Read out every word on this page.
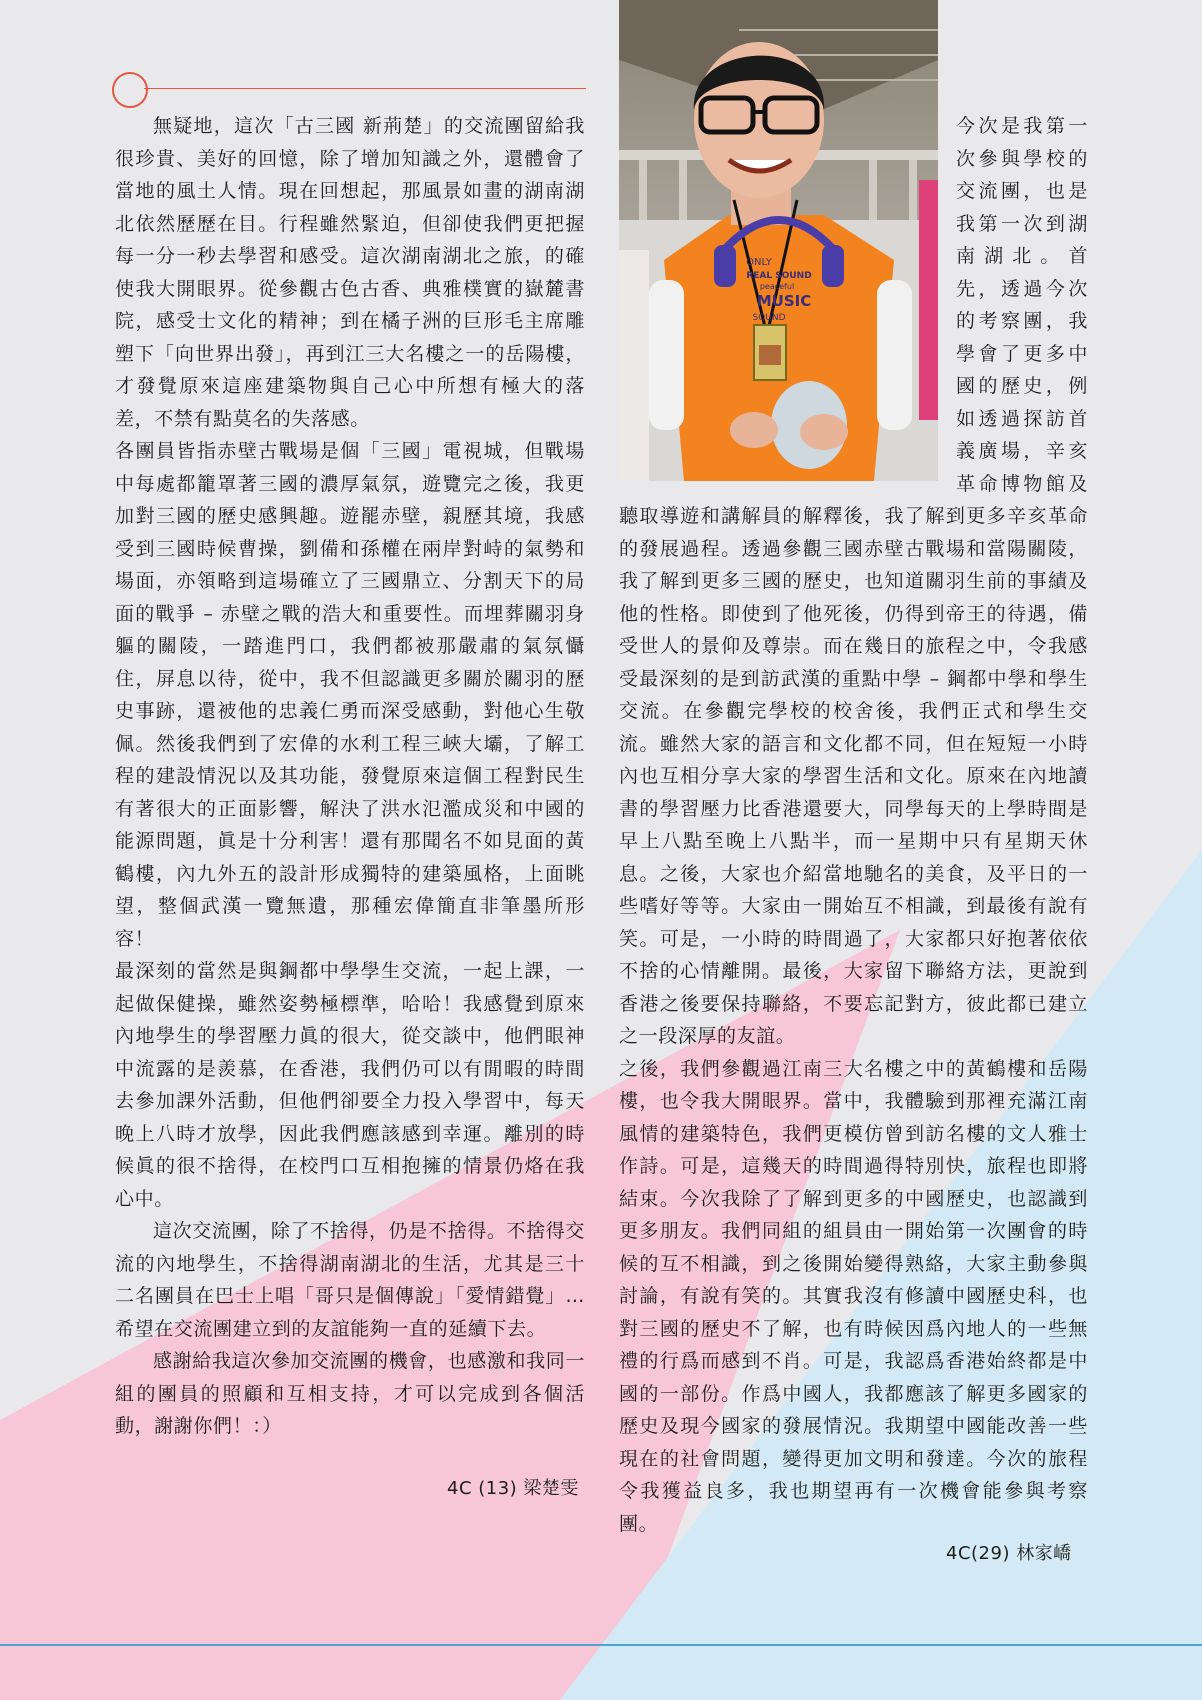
ONLY
REAL SOUND
peaceful
MUSIC
SOUND

無疑地，這次「古三國 新荊楚」的交流團留給我很珍貴、美好的回憶，除了增加知識之外，還體會了當地的風土人情。現在回想起，那風景如畫的湖南湖北依然歷歷在目。行程雖然緊迫，但卻使我們更把握每一分一秒去學習和感受。這次湖南湖北之旅，的確使我大開眼界。從參觀古色古香、典雅樸實的嶽麓書院，感受士文化的精神；到在橘子洲的巨形毛主席雕塑下「向世界出發」，再到江三大名樓之一的岳陽樓，才發覺原來這座建築物與自己心中所想有極大的落差，不禁有點莫名的失落感。

各團員皆指赤壁古戰場是個「三國」電視城，但戰場中每處都籠罩著三國的濃厚氣氛，遊覽完之後，我更加對三國的歷史感興趣。遊罷赤壁，親歷其境，我感受到三國時候曹操，劉備和孫權在兩岸對峙的氣勢和場面，亦領略到這場確立了三國鼎立、分割天下的局面的戰爭 – 赤壁之戰的浩大和重要性。而埋葬關羽身軀的關陵，一踏進門口，我們都被那嚴肅的氣氛懾住，屏息以待，從中，我不但認識更多關於關羽的歷史事跡，還被他的忠義仁勇而深受感動，對他心生敬佩。然後我們到了宏偉的水利工程三峽大壩，了解工程的建設情況以及其功能，發覺原來這個工程對民生有著很大的正面影響，解決了洪水氾濫成災和中國的能源問題，眞是十分利害！還有那聞名不如見面的黃鶴樓，內九外五的設計形成獨特的建築風格，上面眺望，整個武漢一覽無遺，那種宏偉簡直非筆墨所形容！

最深刻的當然是與鋼都中學學生交流，一起上課，一起做保健操，雖然姿勢極標準，哈哈！我感覺到原來內地學生的學習壓力眞的很大，從交談中，他們眼神中流露的是羨慕，在香港，我們仍可以有閒暇的時間去參加課外活動，但他們卻要全力投入學習中，每天晚上八時才放學，因此我們應該感到幸運。離別的時候眞的很不捨得，在校門口互相抱擁的情景仍烙在我心中。

這次交流團，除了不捨得，仍是不捨得。不捨得交流的內地學生，不捨得湖南湖北的生活，尤其是三十二名團員在巴士上唱「哥只是個傳說」「愛情錯覺」…希望在交流團建立到的友誼能夠一直的延續下去。

感謝給我這次參加交流團的機會，也感激和我同一組的團員的照顧和互相支持，才可以完成到各個活動，謝謝你們！：）

4C (13) 梁楚雯

今次是我第一次參與學校的交流團，也是我第一次到湖南湖北。首先，透過今次的考察團，我學會了更多中國的歷史，例如透過探訪首義廣場，辛亥革命博物館及聽取導遊和講解員的解釋後，我了解到更多辛亥革命的發展過程。透過參觀三國赤壁古戰場和當陽關陵，我了解到更多三國的歷史，也知道關羽生前的事績及他的性格。即使到了他死後，仍得到帝王的待遇，備受世人的景仰及尊崇。而在幾日的旅程之中，令我感受最深刻的是到訪武漢的重點中學 – 鋼都中學和學生交流。在參觀完學校的校舍後，我們正式和學生交流。雖然大家的語言和文化都不同，但在短短一小時內也互相分享大家的學習生活和文化。原來在內地讀書的學習壓力比香港還要大，同學每天的上學時間是早上八點至晚上八點半，而一星期中只有星期天休息。之後，大家也介紹當地馳名的美食，及平日的一些嗜好等等。大家由一開始互不相識，到最後有說有笑。可是，一小時的時間過了，大家都只好抱著依依不捨的心情離開。最後，大家留下聯絡方法，更說到香港之後要保持聯絡，不要忘記對方，彼此都已建立之一段深厚的友誼。

之後，我們參觀過江南三大名樓之中的黃鶴樓和岳陽樓，也令我大開眼界。當中，我體驗到那裡充滿江南風情的建築特色，我們更模仿曾到訪名樓的文人雅士作詩。可是，這幾天的時間過得特別快，旅程也即將結束。今次我除了了解到更多的中國歷史，也認識到更多朋友。我們同組的組員由一開始第一次團會的時候的互不相識，到之後開始變得熟絡，大家主動參與討論，有說有笑的。其實我沒有修讀中國歷史科，也對三國的歷史不了解，也有時候因爲內地人的一些無禮的行爲而感到不肖。可是，我認爲香港始終都是中國的一部份。作爲中國人，我都應該了解更多國家的歷史及現今國家的發展情況。我期望中國能改善一些現在的社會問題，變得更加文明和發達。今次的旅程令我獲益良多，我也期望再有一次機會能參與考察團。

4C(29) 林家嶠
